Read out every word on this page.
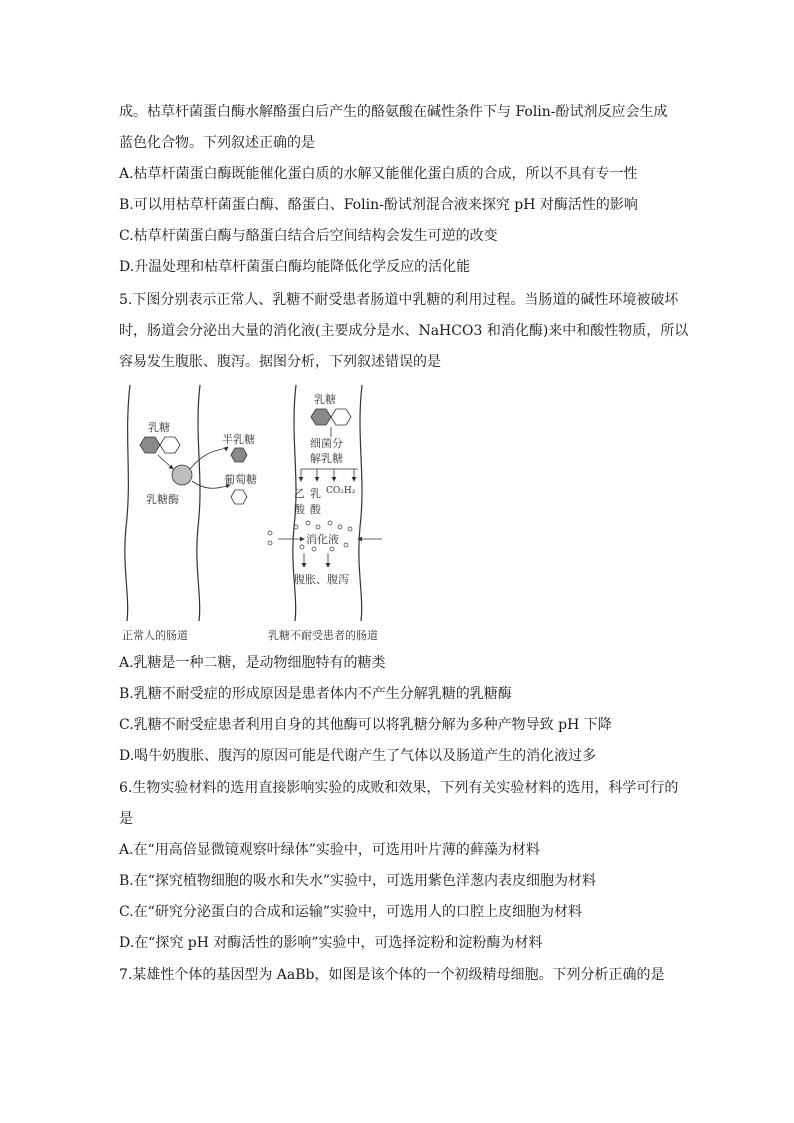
成。枯草杆菌蛋白酶水解酪蛋白后产生的酪氨酸在碱性条件下与 Folin-酚试剂反应会生成
蓝色化合物。下列叙述正确的是
A.枯草杆菌蛋白酶既能催化蛋白质的水解又能催化蛋白质的合成，所以不具有专一性
B.可以用枯草杆菌蛋白酶、酪蛋白、Folin-酚试剂混合液来探究 pH 对酶活性的影响
C.枯草杆菌蛋白酶与酪蛋白结合后空间结构会发生可逆的改变
D.升温处理和枯草杆菌蛋白酶均能降低化学反应的活化能
5.下图分别表示正常人、乳糖不耐受患者肠道中乳糖的利用过程。当肠道的碱性环境被破坏
时，肠道会分泌出大量的消化液(主要成分是水、NaHCO3 和消化酶)来中和酸性物质，所以
容易发生腹胀、腹泻。据图分析，下列叙述错误的是
乳糖
乳糖酶
半乳糖
葡萄糖
正常人的肠道
乳糖
细菌分
解乳糖
乙
酸
乳
酸
CO₂H₂
消化液
腹胀、腹泻
乳糖不耐受患者的肠道
A.乳糖是一种二糖，是动物细胞特有的糖类
B.乳糖不耐受症的形成原因是患者体内不产生分解乳糖的乳糖酶
C.乳糖不耐受症患者利用自身的其他酶可以将乳糖分解为多种产物导致 pH 下降
D.喝牛奶腹胀、腹泻的原因可能是代谢产生了气体以及肠道产生的消化液过多
6.生物实验材料的选用直接影响实验的成败和效果，下列有关实验材料的选用，科学可行的
是
A.在“用高倍显微镜观察叶绿体”实验中，可选用叶片薄的藓藻为材料
B.在“探究植物细胞的吸水和失水”实验中，可选用紫色洋葱内表皮细胞为材料
C.在“研究分泌蛋白的合成和运输”实验中，可选用人的口腔上皮细胞为材料
D.在“探究 pH 对酶活性的影响”实验中，可选择淀粉和淀粉酶为材料
7.某雄性个体的基因型为 AaBb，如图是该个体的一个初级精母细胞。下列分析正确的是
